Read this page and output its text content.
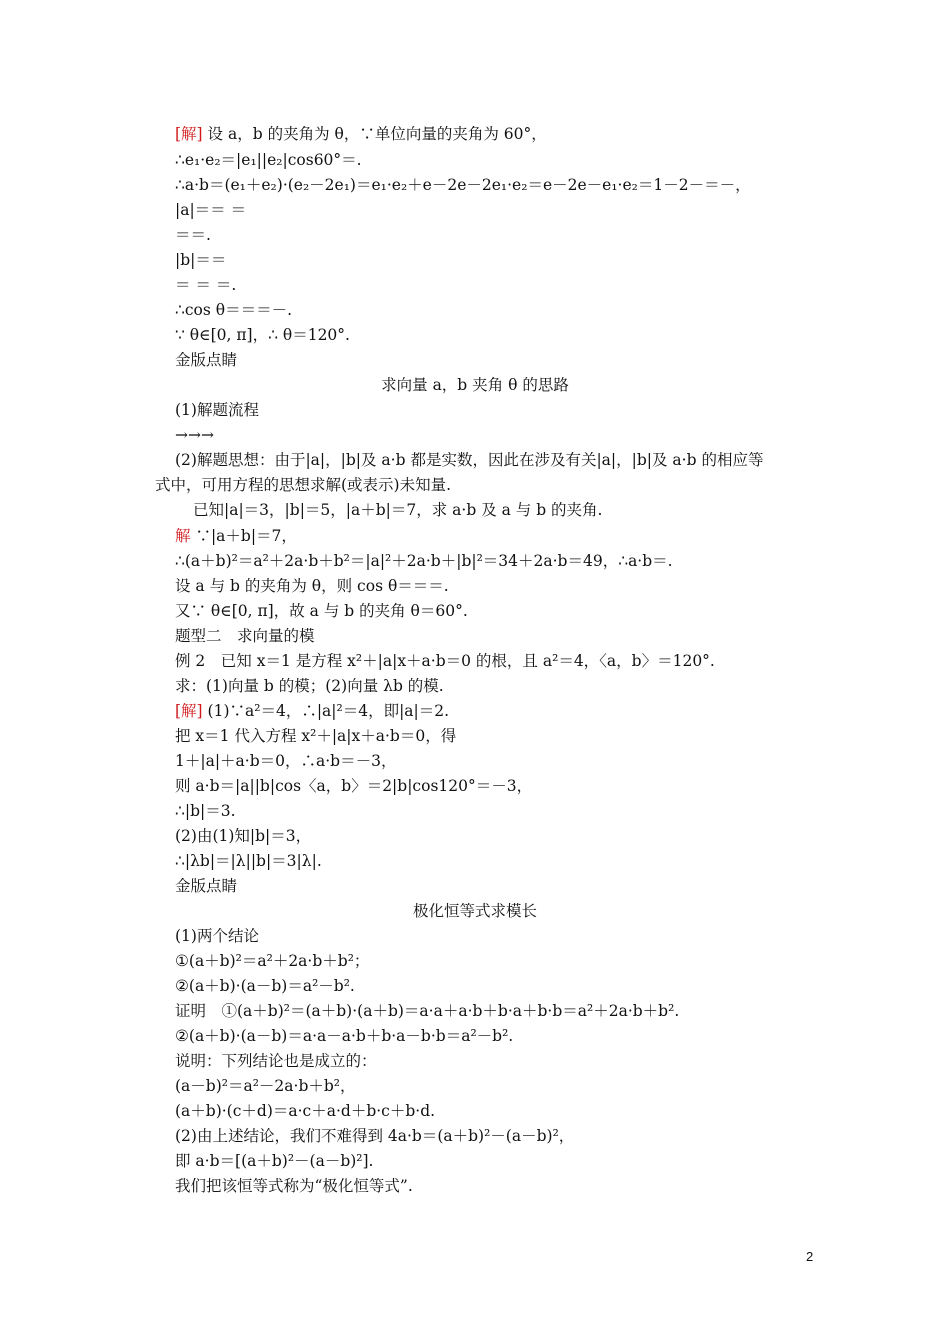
[解] 设 a，b 的夹角为 θ，∵单位向量的夹角为 60°，
∴e₁·e₂＝|e₁||e₂|cos60°＝.
∴a·b＝(e₁＋e₂)·(e₂－2e₁)＝e₁·e₂＋e－2e－2e₁·e₂＝e－2e－e₁·e₂＝1－2－＝－，
|a|＝＝ ＝
＝＝.
|b|＝＝
＝ ＝ ＝.
∴cos θ＝＝＝－.
∵ θ∈[0, π]，∴ θ＝120°.
金版点睛
求向量 a，b 夹角 θ 的思路
(1)解题流程
→→→
(2)解题思想：由于|a|，|b|及 a·b 都是实数，因此在涉及有关|a|，|b|及 a·b 的相应等
式中，可用方程的思想求解(或表示)未知量.
已知|a|＝3，|b|＝5，|a＋b|＝7，求 a·b 及 a 与 b 的夹角.
解 ∵|a＋b|＝7，
∴(a＋b)²＝a²＋2a·b＋b²＝|a|²＋2a·b＋|b|²＝34＋2a·b＝49，∴a·b＝.
设 a 与 b 的夹角为 θ，则 cos θ＝＝＝.
又∵ θ∈[0, π]，故 a 与 b 的夹角 θ＝60°.
题型二　求向量的模
例 2　已知 x＝1 是方程 x²＋|a|x＋a·b＝0 的根，且 a²＝4，〈a，b〉＝120°.
求：(1)向量 b 的模；(2)向量 λb 的模.
[解] (1)∵a²＝4，∴|a|²＝4，即|a|＝2.
把 x＝1 代入方程 x²＋|a|x＋a·b＝0，得
1＋|a|＋a·b＝0，∴a·b＝－3，
则 a·b＝|a||b|cos〈a，b〉＝2|b|cos120°＝－3，
∴|b|＝3.
(2)由(1)知|b|＝3，
∴|λb|＝|λ||b|＝3|λ|.
金版点睛
极化恒等式求模长
(1)两个结论
①(a＋b)²＝a²＋2a·b＋b²；
②(a＋b)·(a－b)＝a²－b².
证明　①(a＋b)²＝(a＋b)·(a＋b)＝a·a＋a·b＋b·a＋b·b＝a²＋2a·b＋b².
②(a＋b)·(a－b)＝a·a－a·b＋b·a－b·b＝a²－b².
说明：下列结论也是成立的：
(a－b)²＝a²－2a·b＋b²，
(a＋b)·(c＋d)＝a·c＋a·d＋b·c＋b·d.
(2)由上述结论，我们不难得到 4a·b＝(a＋b)²－(a－b)²，
即 a·b＝[(a＋b)²－(a－b)²].
我们把该恒等式称为“极化恒等式”.
2
